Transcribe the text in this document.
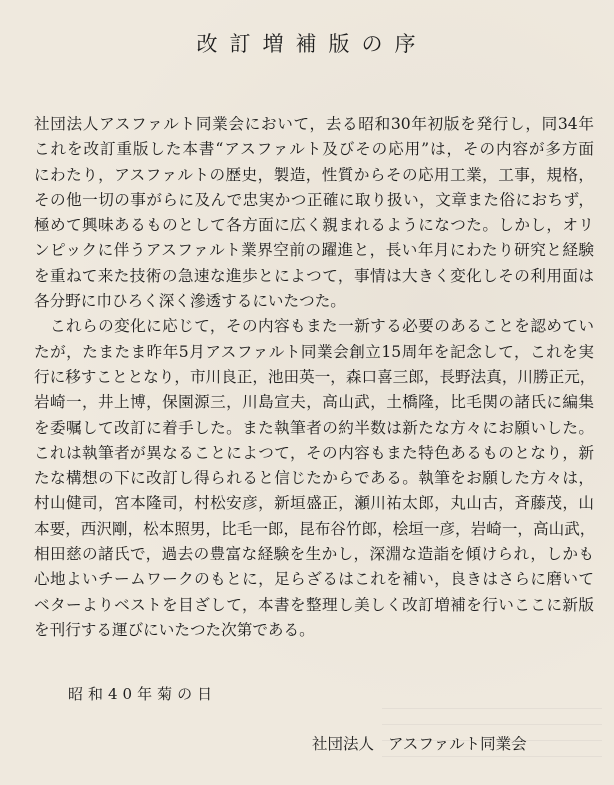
改訂増補版の序
社団法人アスファルト同業会において，去る昭和30年初版を発行し，同34年
これを改訂重版した本書“アスファルト及びその応用”は，その内容が多方面
にわたり，アスファルトの歴史，製造，性質からその応用工業，工事，規格，
その他一切の事がらに及んで忠実かつ正確に取り扱い，文章また俗におちず，
極めて興味あるものとして各方面に広く親まれるようになつた。しかし，オリ
ンピックに伴うアスファルト業界空前の躍進と，長い年月にわたり研究と経験
を重ねて来た技術の急速な進歩とによつて，事情は大きく変化しその利用面は
各分野に巾ひろく深く滲透するにいたつた。
　これらの変化に応じて，その内容もまた一新する必要のあることを認めてい
たが，たまたま昨年5月アスファルト同業会創立15周年を記念して，これを実
行に移すこととなり，市川良正，池田英一，森口喜三郎，長野法真，川勝正元，
岩崎一，井上博，保園源三，川島宣夫，高山武，土橋隆，比毛関の諸氏に編集
を委嘱して改訂に着手した。また執筆者の約半数は新たな方々にお願いした。
これは執筆者が異なることによつて，その内容もまた特色あるものとなり，新
たな構想の下に改訂し得られると信じたからである。執筆をお願した方々は，
村山健司，宮本隆司，村松安彦，新垣盛正，瀬川祐太郎，丸山古，斉藤茂，山
本要，西沢剛，松本照男，比毛一郎，昆布谷竹郎，桧垣一彦，岩崎一，高山武，
相田慈の諸氏で，過去の豊富な経験を生かし，深淵な造詣を傾けられ，しかも
心地よいチームワークのもとに，足らざるはこれを補い，良きはさらに磨いて
ベターよりベストを目ざして，本書を整理し美しく改訂増補を行いここに新版
を刊行する運びにいたつた次第である。
昭和40年菊の日
社団法人 アスファルト同業会
